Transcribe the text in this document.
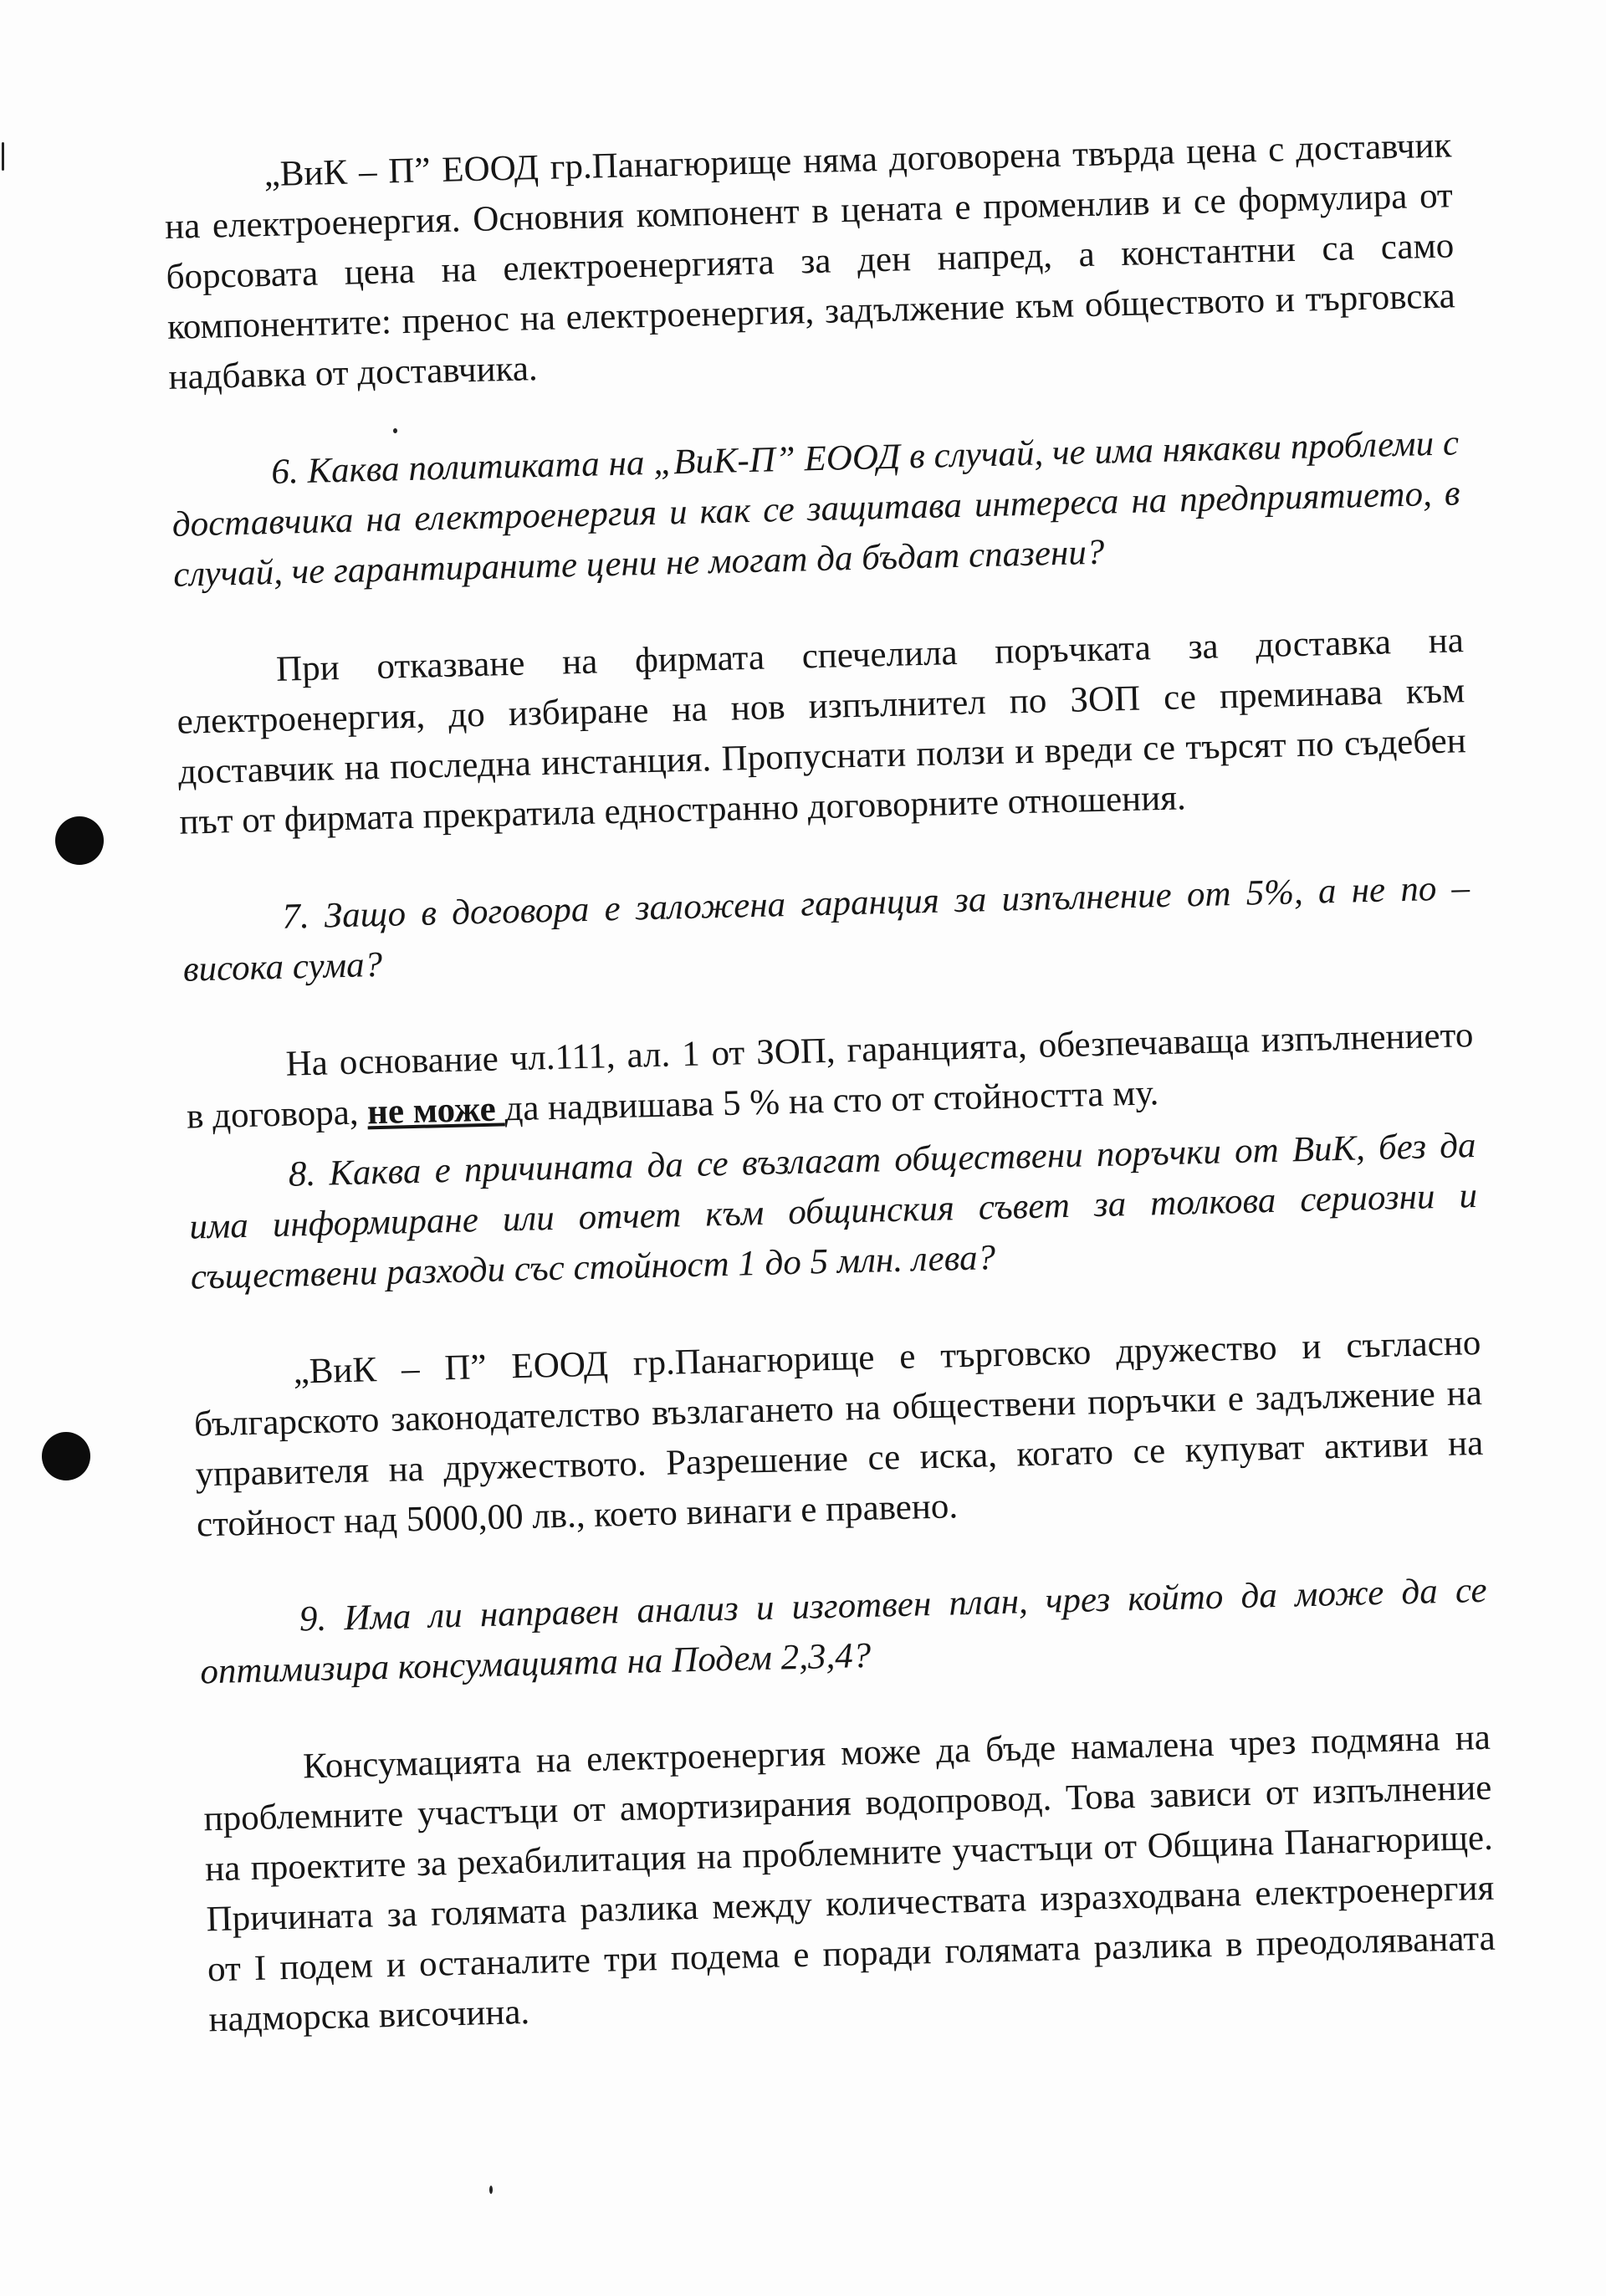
„ВиК – П” ЕООД гр.Панагюрище няма договорена твърда цена с доставчик на електроенергия. Основния компонент в цената е променлив и се формулира от борсовата цена на електроенергията за ден напред, а константни са само компонентите: пренос на електроенергия, задължение към обществото и търговска надбавка от доставчика.

6. Каква политиката на „ВиК-П” ЕООД в случай, че има някакви проблеми с доставчика на електроенергия и как се защитава интереса на предприятието, в случай, че гарантираните цени не могат да бъдат спазени?

При отказване на фирмата спечелила поръчката за доставка на електроенергия, до избиране на нов изпълнител по ЗОП се преминава към доставчик на последна инстанция. Пропуснати ползи и вреди се търсят по съдебен път от фирмата прекратила едностранно договорните отношения.

7. Защо в договора е заложена гаранция за изпълнение от 5%, а не по – висока сума?

На основание чл.111, ал. 1 от ЗОП, гаранцията, обезпечаваща изпълнението в договора, не може да надвишава 5 % на сто от стойността му.

8. Каква е причината да се възлагат обществени поръчки от ВиК, без да има информиране или отчет към общинския съвет за толкова сериозни и съществени разходи със стойност 1 до 5 млн. лева?

„ВиК – П” ЕООД гр.Панагюрище е търговско дружество и съгласно българското законодателство възлагането на обществени поръчки е задължение на управителя на дружеството. Разрешение се иска, когато се купуват активи на стойност над 5000,00 лв., което винаги е правено.

9. Има ли направен анализ и изготвен план, чрез който да може да се оптимизира консумацията на Подем 2,3,4?

Консумацията на електроенергия може да бъде намалена чрез подмяна на проблемните участъци от амортизирания водопровод. Това зависи от изпълнение на проектите за рехабилитация на проблемните участъци от Община Панагюрище. Причината за голямата разлика между количествата изразходвана електроенергия от I подем и останалите три подема е поради голямата разлика в преодоляваната надморска височина.
